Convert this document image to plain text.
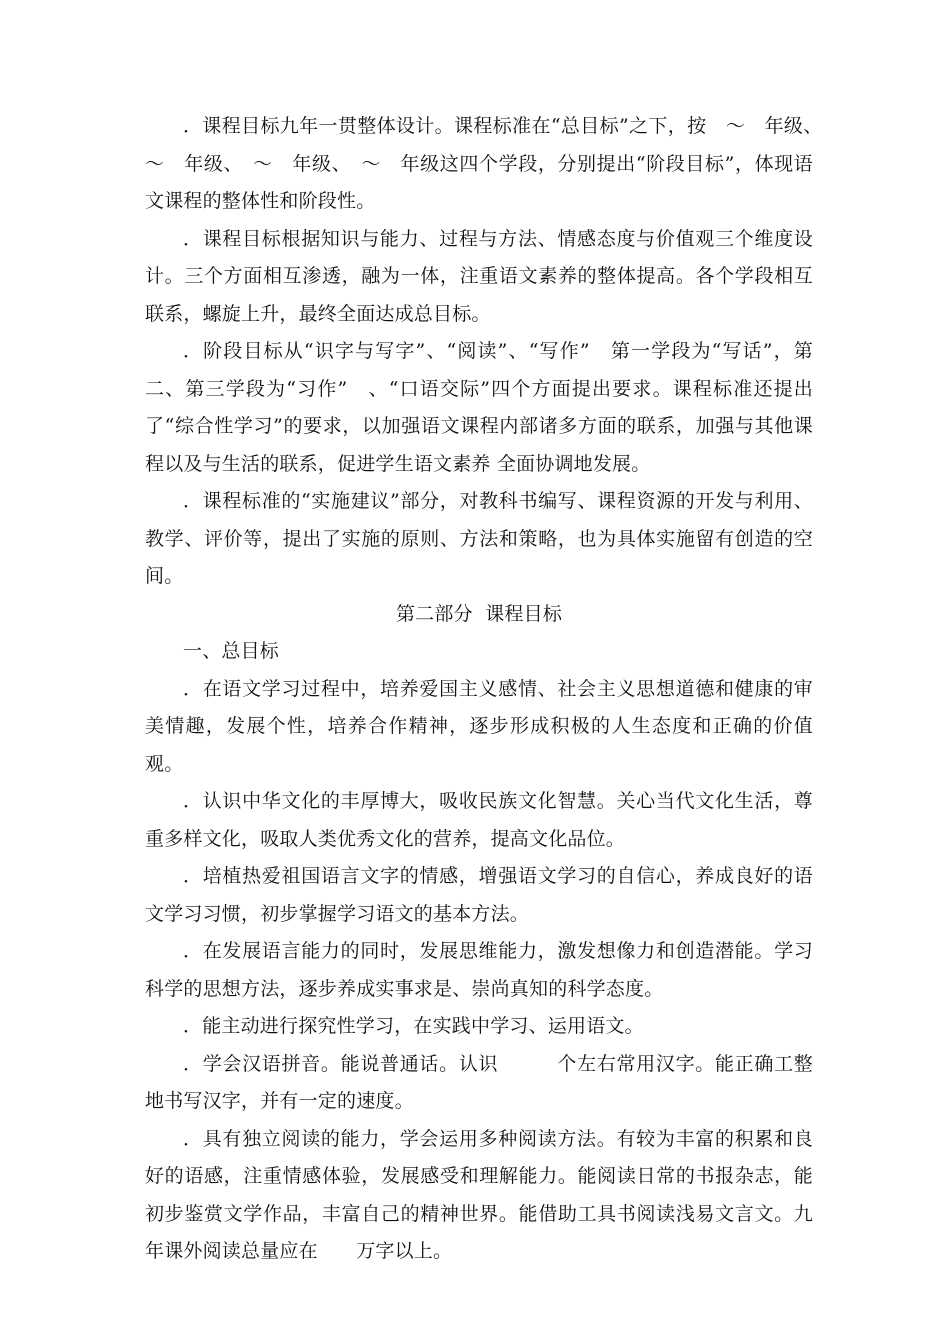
．课程目标九年一贯整体设计。课程标准在“总目标”之下，按　～　年级、　～　年级、　～　年级、　～　年级这四个学段，分别提出“阶段目标”，体现语文课程的整体性和阶段性。

．课程目标根据知识与能力、过程与方法、情感态度与价值观三个维度设计。三个方面相互渗透，融为一体，注重语文素养的整体提高。各个学段相互联系，螺旋上升，最终全面达成总目标。

．阶段目标从“识字与写字”、“阅读”、“写作”　第一学段为“写话”，第二、第三学段为“习作”　、“口语交际”四个方面提出要求。课程标准还提出了“综合性学习”的要求，以加强语文课程内部诸多方面的联系，加强与其他课程以及与生活的联系，促进学生语文素养 全面协调地发展。

．课程标准的“实施建议”部分，对教科书编写、课程资源的开发与利用、教学、评价等，提出了实施的原则、方法和策略，也为具体实施留有创造的空间。

第二部分  课程目标

一、总目标

．在语文学习过程中，培养爱国主义感情、社会主义思想道德和健康的审美情趣，发展个性，培养合作精神，逐步形成积极的人生态度和正确的价值观。

．认识中华文化的丰厚博大，吸收民族文化智慧。关心当代文化生活，尊重多样文化，吸取人类优秀文化的营养，提高文化品位。

．培植热爱祖国语言文字的情感，增强语文学习的自信心，养成良好的语文学习习惯，初步掌握学习语文的基本方法。

．在发展语言能力的同时，发展思维能力，激发想像力和创造潜能。学习科学的思想方法，逐步养成实事求是、崇尚真知的科学态度。

．能主动进行探究性学习，在实践中学习、运用语文。

．学会汉语拼音。能说普通话。认识　　　个左右常用汉字。能正确工整地书写汉字，并有一定的速度。

．具有独立阅读的能力，学会运用多种阅读方法。有较为丰富的积累和良好的语感，注重情感体验，发展感受和理解能力。能阅读日常的书报杂志，能初步鉴赏文学作品，丰富自己的精神世界。能借助工具书阅读浅易文言文。九年课外阅读总量应在　　万字以上。
